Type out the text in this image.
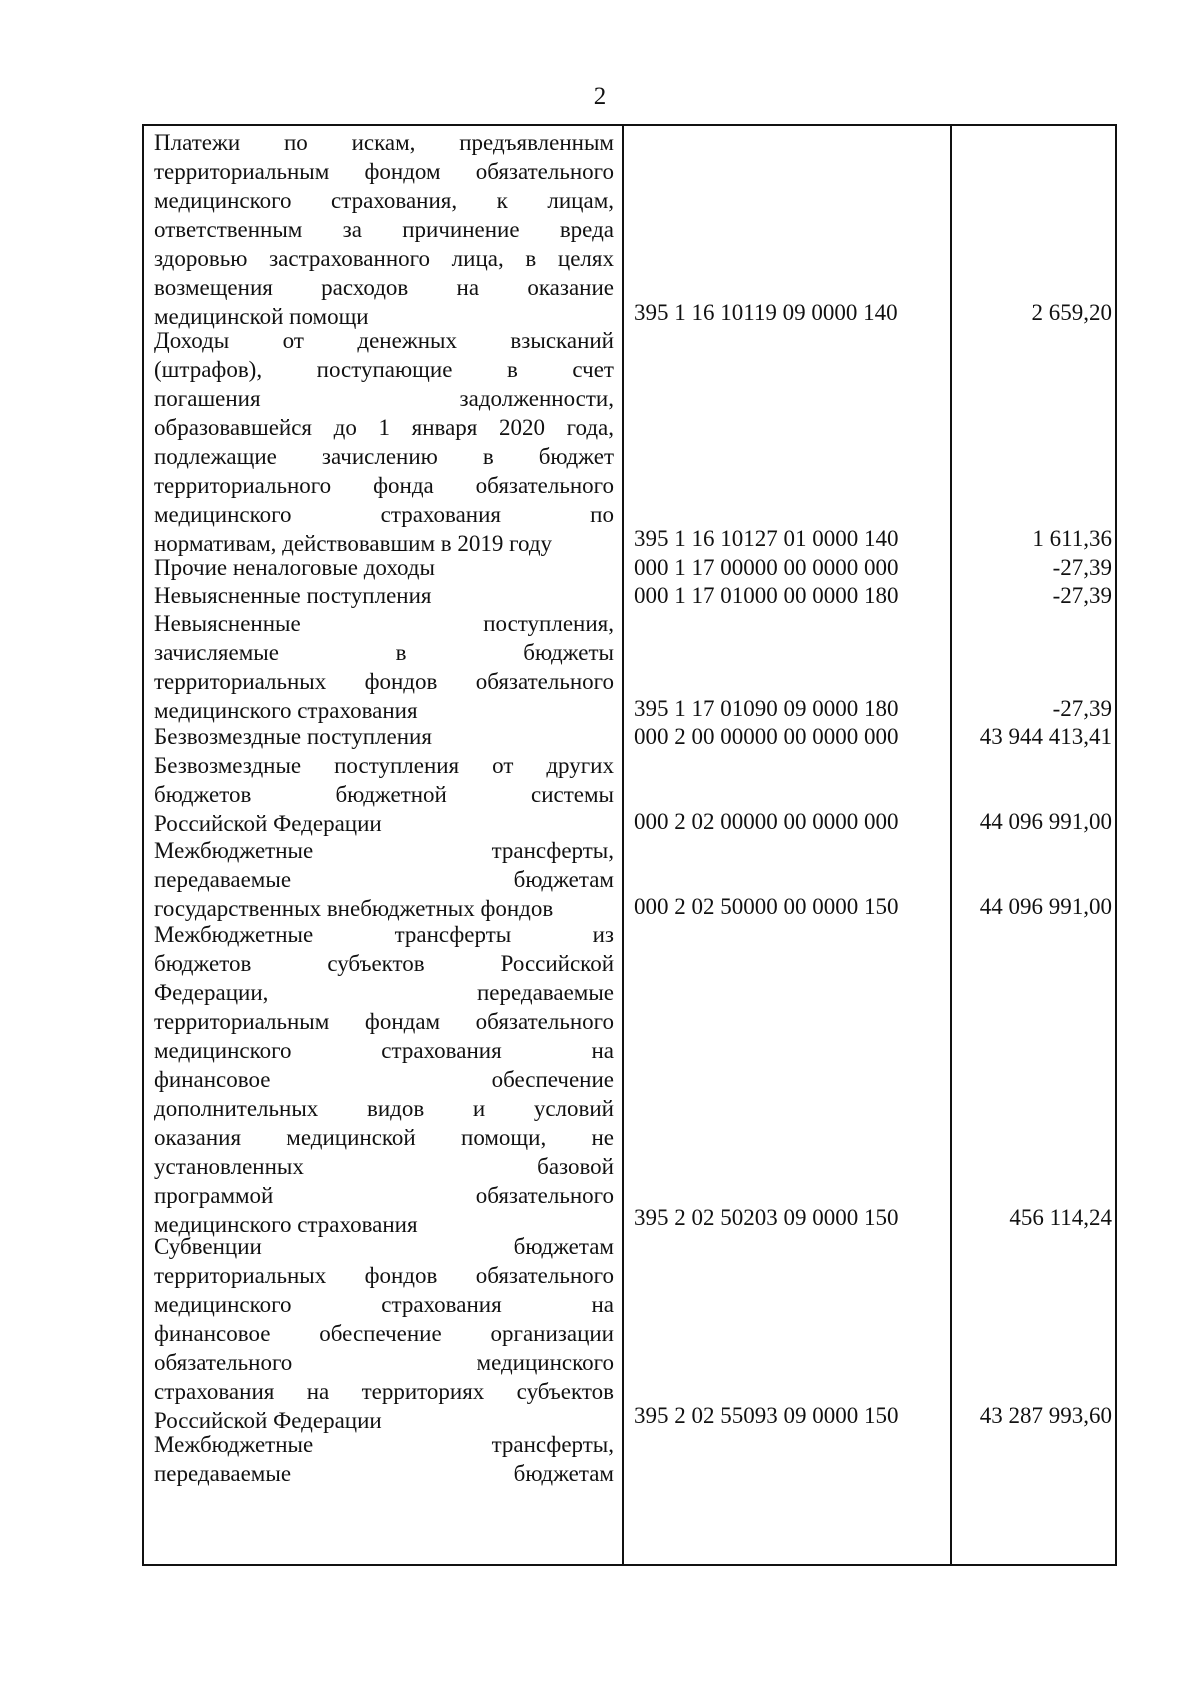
2
Платежи по искам, предъявленным
территориальным фондом обязательного
медицинского страхования, к лицам,
ответственным за причинение вреда
здоровью застрахованного лица, в целях
возмещения расходов на оказание
медицинской помощи	395 1 16 10119 09 0000 140	2 659,20
Доходы от денежных взысканий
(штрафов), поступающие в счет
погашения задолженности,
образовавшейся до 1 января 2020 года,
подлежащие зачислению в бюджет
территориального фонда обязательного
медицинского страхования по
нормативам, действовавшим в 2019 году	395 1 16 10127 01 0000 140	1 611,36
Прочие неналоговые доходы	000 1 17 00000 00 0000 000	-27,39
Невыясненные поступления	000 1 17 01000 00 0000 180	-27,39
Невыясненные поступления,
зачисляемые в бюджеты
территориальных фондов обязательного
медицинского страхования	395 1 17 01090 09 0000 180	-27,39
Безвозмездные поступления	000 2 00 00000 00 0000 000	43 944 413,41
Безвозмездные поступления от других
бюджетов бюджетной системы
Российской Федерации	000 2 02 00000 00 0000 000	44 096 991,00
Межбюджетные трансферты,
передаваемые бюджетам
государственных внебюджетных фондов	000 2 02 50000 00 0000 150	44 096 991,00
Межбюджетные трансферты из
бюджетов субъектов Российской
Федерации, передаваемые
территориальным фондам обязательного
медицинского страхования на
финансовое обеспечение
дополнительных видов и условий
оказания медицинской помощи, не
установленных базовой
программой обязательного
медицинского страхования	395 2 02 50203 09 0000 150	456 114,24
Субвенции бюджетам
территориальных фондов обязательного
медицинского страхования на
финансовое обеспечение организации
обязательного медицинского
страхования на территориях субъектов
Российской Федерации	395 2 02 55093 09 0000 150	43 287 993,60
Межбюджетные трансферты,
передаваемые бюджетам
